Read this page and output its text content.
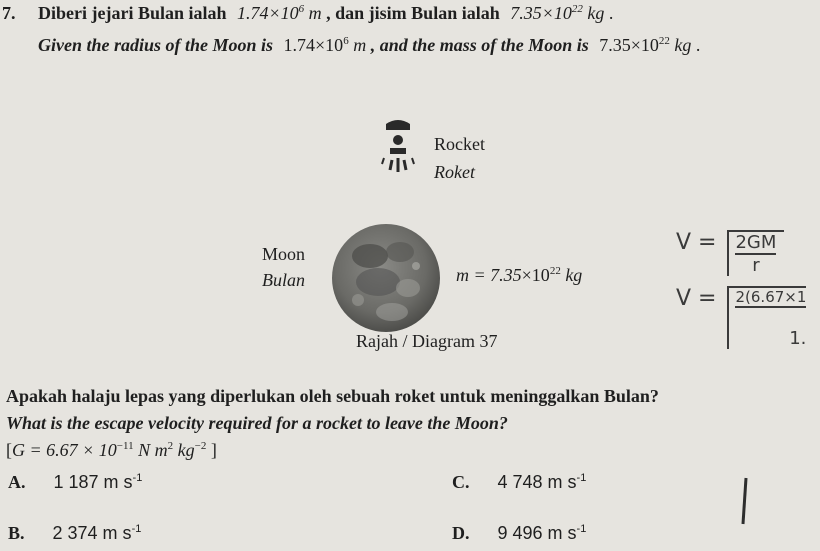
7. Diberi jejari Bulan ialah $1.74\times 10^6$ m , dan jisim Bulan ialah $7.35\times 10^{22}$ kg .
Given the radius of the Moon is $1.74\times 10^6$ m , and the mass of the Moon is $7.35\times 10^{22}$ kg .
Rocket
Roket
Moon
Bulan	$m = 7.35\times 10^{22}$ kg
Rajah / Diagram 37
$V = \frac{2GM}{r}$
V = 2(6.67×1
1.
Apakah halaju lepas yang diperlukan oleh sebuah roket untuk meninggalkan Bulan?
What is the escape velocity required for a rocket to leave the Moon?
[$G = 6.67 \times 10^{-11}$ N $m^2$ $kg^{-2}$ ]
A. 1 187 m $s^{-1}$	C. 4 748 m $s^{-1}$
B. 2 374 m $s^{-1}$	D. 9 496 m $s^{-1}$
